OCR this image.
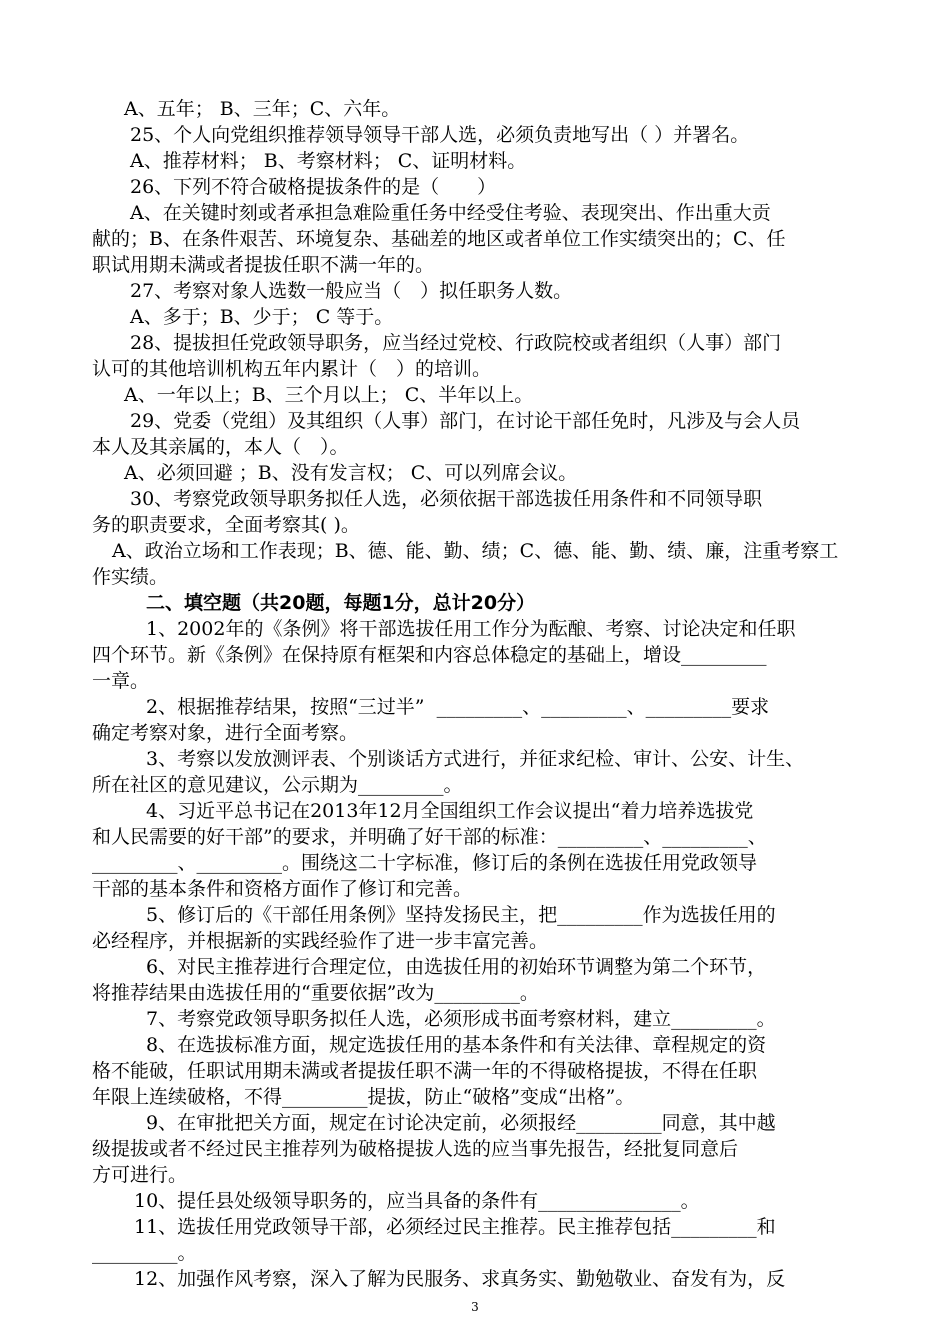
A、五年； B、三年；C、六年。
25、个人向党组织推荐领导领导干部人选，必须负责地写出（ ）并署名。
A、推荐材料； B、考察材料； C、证明材料。
26、下列不符合破格提拔条件的是（　　）
A、在关键时刻或者承担急难险重任务中经受住考验、表现突出、作出重大贡
献的；B、在条件艰苦、环境复杂、基础差的地区或者单位工作实绩突出的；C、任
职试用期未满或者提拔任职不满一年的。
27、考察对象人选数一般应当（　）拟任职务人数。
A、多于；B、少于； C 等于。
28、提拔担任党政领导职务，应当经过党校、行政院校或者组织（人事）部门
认可的其他培训机构五年内累计（　）的培训。
A、一年以上；B、三个月以上； C、半年以上。
29、党委（党组）及其组织（人事）部门，在讨论干部任免时，凡涉及与会人员
本人及其亲属的，本人（　）。
A、必须回避 ；B、没有发言权； C、可以列席会议。
30、考察党政领导职务拟任人选，必须依据干部选拔任用条件和不同领导职
务的职责要求，全面考察其( )。
A、政治立场和工作表现；B、德、能、勤、绩；C、德、能、勤、绩、廉，注重考察工
作实绩。
二、填空题（共20题，每题1分，总计20分）
1、2002年的《条例》将干部选拔任用工作分为酝酿、考察、讨论决定和任职
四个环节。新《条例》在保持原有框架和内容总体稳定的基础上，增设_________
一章。
2、根据推荐结果，按照“三过半”  _________、_________、_________要求
确定考察对象，进行全面考察。
3、考察以发放测评表、个别谈话方式进行，并征求纪检、审计、公安、计生、
所在社区的意见建议，公示期为_________。
4、习近平总书记在2013年12月全国组织工作会议提出“着力培养选拔党
和人民需要的好干部”的要求，并明确了好干部的标准：_________、_________、
_________、_________。围绕这二十字标准，修订后的条例在选拔任用党政领导
干部的基本条件和资格方面作了修订和完善。
5、修订后的《干部任用条例》坚持发扬民主，把_________作为选拔任用的
必经程序，并根据新的实践经验作了进一步丰富完善。
6、对民主推荐进行合理定位，由选拔任用的初始环节调整为第二个环节，
将推荐结果由选拔任用的“重要依据”改为_________。
7、考察党政领导职务拟任人选，必须形成书面考察材料，建立_________。
8、在选拔标准方面，规定选拔任用的基本条件和有关法律、章程规定的资
格不能破，任职试用期未满或者提拔任职不满一年的不得破格提拔，不得在任职
年限上连续破格，不得_________提拔，防止“破格”变成“出格”。
9、在审批把关方面，规定在讨论决定前，必须报经_________同意，其中越
级提拔或者不经过民主推荐列为破格提拔人选的应当事先报告，经批复同意后
方可进行。
10、提任县处级领导职务的，应当具备的条件有_______________。
11、选拔任用党政领导干部，必须经过民主推荐。民主推荐包括_________和
_________。
12、加强作风考察，深入了解为民服务、求真务实、勤勉敬业、奋发有为，反
3
